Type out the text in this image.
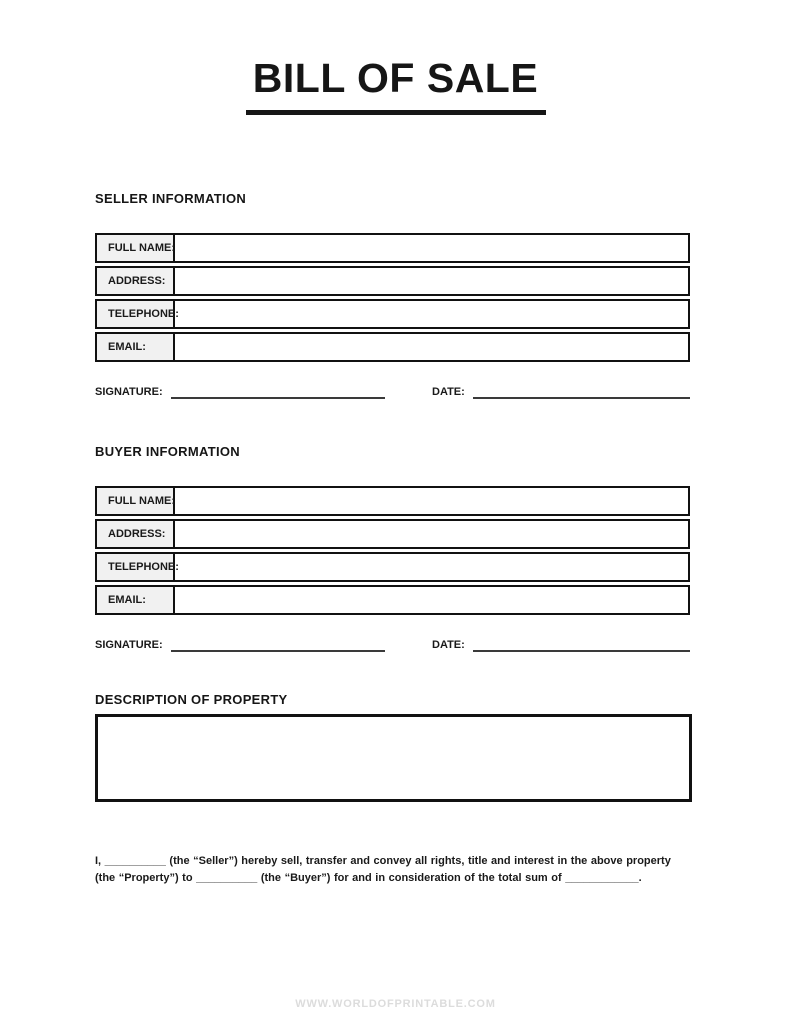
BILL OF SALE
SELLER INFORMATION
FULL NAME:
ADDRESS:
TELEPHONE:
EMAIL:
SIGNATURE:	DATE:
BUYER INFORMATION
FULL NAME:
ADDRESS:
TELEPHONE:
EMAIL:
SIGNATURE:	DATE:
DESCRIPTION OF PROPERTY

I, __________ (the “Seller”) hereby sell, transfer and convey all rights, title and interest in the above property (the “Property”) to __________ (the “Buyer”) for and in consideration of the total sum of ____________.

WWW.WORLDOFPRINTABLE.COM
